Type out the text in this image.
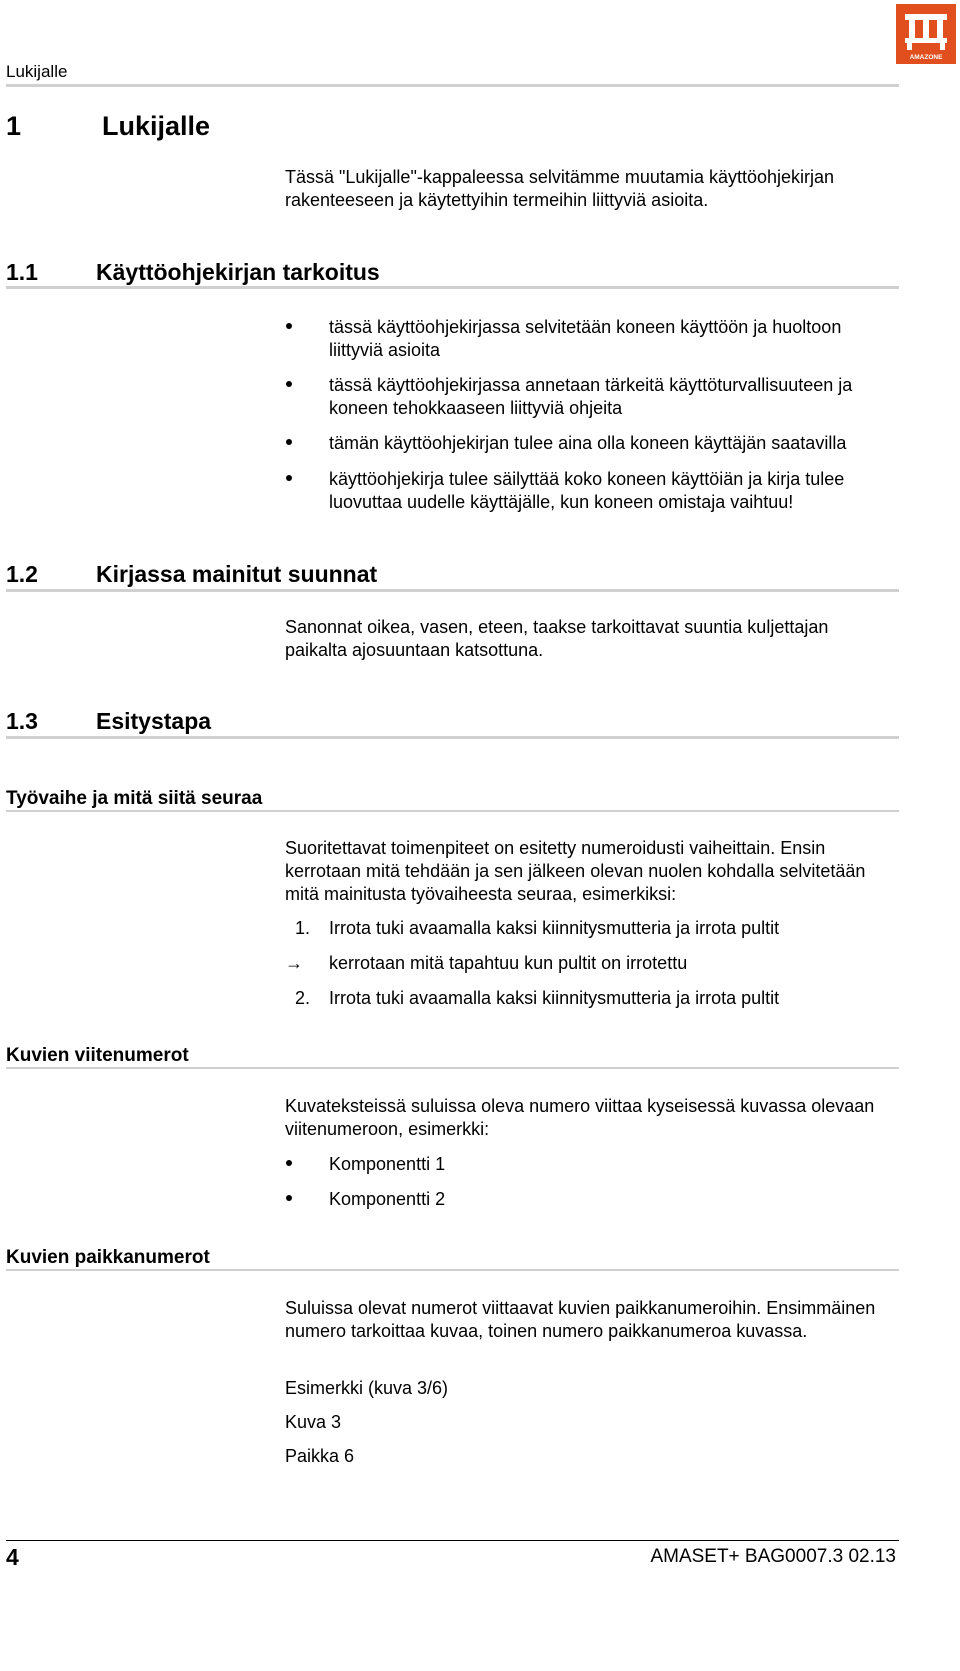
Lukijalle
AMAZONE
1	Lukijalle
Tässä "Lukijalle"-kappaleessa selvitämme muutamia käyttöohjekirjan rakenteeseen ja käytettyihin termeihin liittyviä asioita.
1.1	Käyttöohjekirjan tarkoitus
tässä käyttöohjekirjassa selvitetään koneen käyttöön ja huoltoon liittyviä asioita
tässä käyttöohjekirjassa annetaan tärkeitä käyttöturvallisuuteen ja koneen tehokkaaseen liittyviä ohjeita
tämän käyttöohjekirjan tulee aina olla koneen käyttäjän saatavilla
käyttöohjekirja tulee säilyttää koko koneen käyttöiän ja kirja tulee luovuttaa uudelle käyttäjälle, kun koneen omistaja vaihtuu!
1.2	Kirjassa mainitut suunnat
Sanonnat oikea, vasen, eteen, taakse tarkoittavat suuntia kuljettajan paikalta ajosuuntaan katsottuna.
1.3	Esitystapa
Työvaihe ja mitä siitä seuraa
Suoritettavat toimenpiteet on esitetty numeroidusti vaiheittain. Ensin kerrotaan mitä tehdään ja sen jälkeen olevan nuolen kohdalla selvitetään mitä mainitusta työvaiheesta seuraa, esimerkiksi:
1.	Irrota tuki avaamalla kaksi kiinnitysmutteria ja irrota pultit
→	kerrotaan mitä tapahtuu kun pultit on irrotettu
2.	Irrota tuki avaamalla kaksi kiinnitysmutteria ja irrota pultit
Kuvien viitenumerot
Kuvateksteissä suluissa oleva numero viittaa kyseisessä kuvassa olevaan viitenumeroon, esimerkki:
Komponentti 1
Komponentti 2
Kuvien paikkanumerot
Suluissa olevat numerot viittaavat kuvien paikkanumeroihin. Ensimmäinen numero tarkoittaa kuvaa, toinen numero paikkanumeroa kuvassa.
Esimerkki (kuva 3/6)
Kuva 3
Paikka 6
4	AMASET+ BAG0007.3 02.13
